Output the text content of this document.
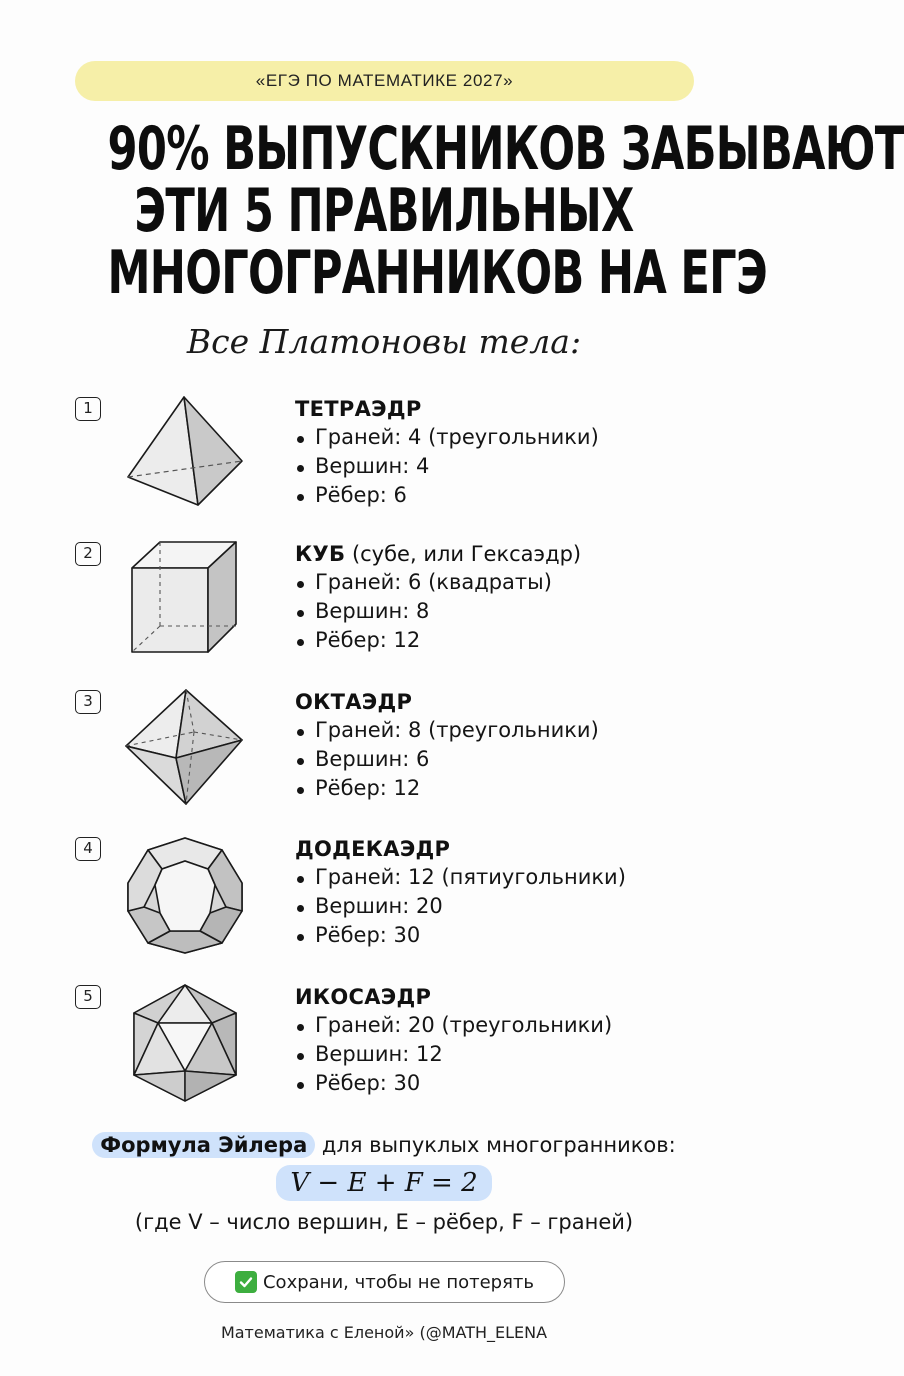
«ЕГЭ ПО МАТЕМАТИКЕ 2027»
90% ВЫПУСКНИКОВ ЗАБЫВАЮТ
ЭТИ 5 ПРАВИЛЬНЫХ
МНОГОГРАННИКОВ НА ЕГЭ
Все Платоновы тела:
1	ТЕТРАЭДР
Граней: 4 (треугольники)
Вершин: 4
Рёбер: 6
2	КУБ (субе, или Гексаэдр)
Граней: 6 (квадраты)
Вершин: 8
Рёбер: 12
3	ОКТАЭДР
Граней: 8 (треугольники)
Вершин: 6
Рёбер: 12
4	ДОДЕКАЭДР
Граней: 12 (пятиугольники)
Вершин: 20
Рёбер: 30
5	ИКОСАЭДР
Граней: 20 (треугольники)
Вершин: 12
Рёбер: 30
Формула Эйлера для выпуклых многогранников:
V − E + F = 2
(где V – число вершин, E – рёбер, F – граней)
Сохрани, чтобы не потерять
Математика с Еленой» (@MATH_ELENA
